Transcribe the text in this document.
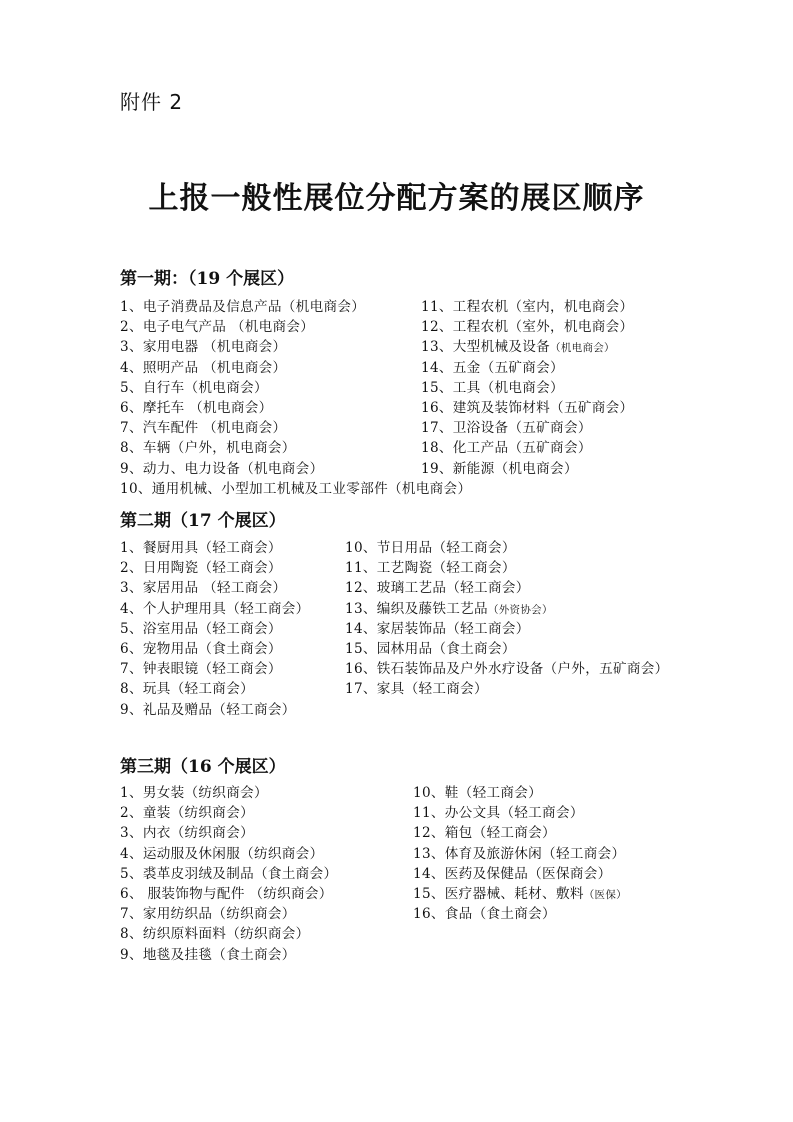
附件 2
上报一般性展位分配方案的展区顺序
第一期：（19 个展区）
1、电子消费品及信息产品（机电商会）
2、电子电气产品 （机电商会）
3、家用电器 （机电商会）
4、照明产品 （机电商会）
5、自行车（机电商会）
6、摩托车 （机电商会）
7、汽车配件 （机电商会）
8、车辆（户外，机电商会）
9、动力、电力设备（机电商会）
10、通用机械、小型加工机械及工业零部件（机电商会）
11、工程农机（室内，机电商会）
12、工程农机（室外，机电商会）
13、大型机械及设备（机电商会）
14、五金（五矿商会）
15、工具（机电商会）
16、建筑及装饰材料（五矿商会）
17、卫浴设备（五矿商会）
18、化工产品（五矿商会）
19、新能源（机电商会）
第二期（17 个展区）
1、餐厨用具（轻工商会）
2、日用陶瓷（轻工商会）
3、家居用品 （轻工商会）
4、个人护理用具（轻工商会）
5、浴室用品（轻工商会）
6、宠物用品（食土商会）
7、钟表眼镜（轻工商会）
8、玩具（轻工商会）
9、礼品及赠品（轻工商会）
10、节日用品（轻工商会）
11、工艺陶瓷（轻工商会）
12、玻璃工艺品（轻工商会）
13、编织及藤铁工艺品（外资协会）
14、家居装饰品（轻工商会）
15、园林用品（食土商会）
16、铁石装饰品及户外水疗设备（户外，五矿商会）
17、家具（轻工商会）
第三期（16 个展区）
1、男女装（纺织商会）
2、童装（纺织商会）
3、内衣（纺织商会）
4、运动服及休闲服（纺织商会）
5、裘革皮羽绒及制品（食土商会）
6、 服装饰物与配件 （纺织商会）
7、家用纺织品（纺织商会）
8、纺织原料面料（纺织商会）
9、地毯及挂毯（食土商会）
10、鞋（轻工商会）
11、办公文具（轻工商会）
12、箱包（轻工商会）
13、体育及旅游休闲（轻工商会）
14、医药及保健品（医保商会）
15、医疗器械、耗材、敷料（医保）
16、食品（食土商会）
